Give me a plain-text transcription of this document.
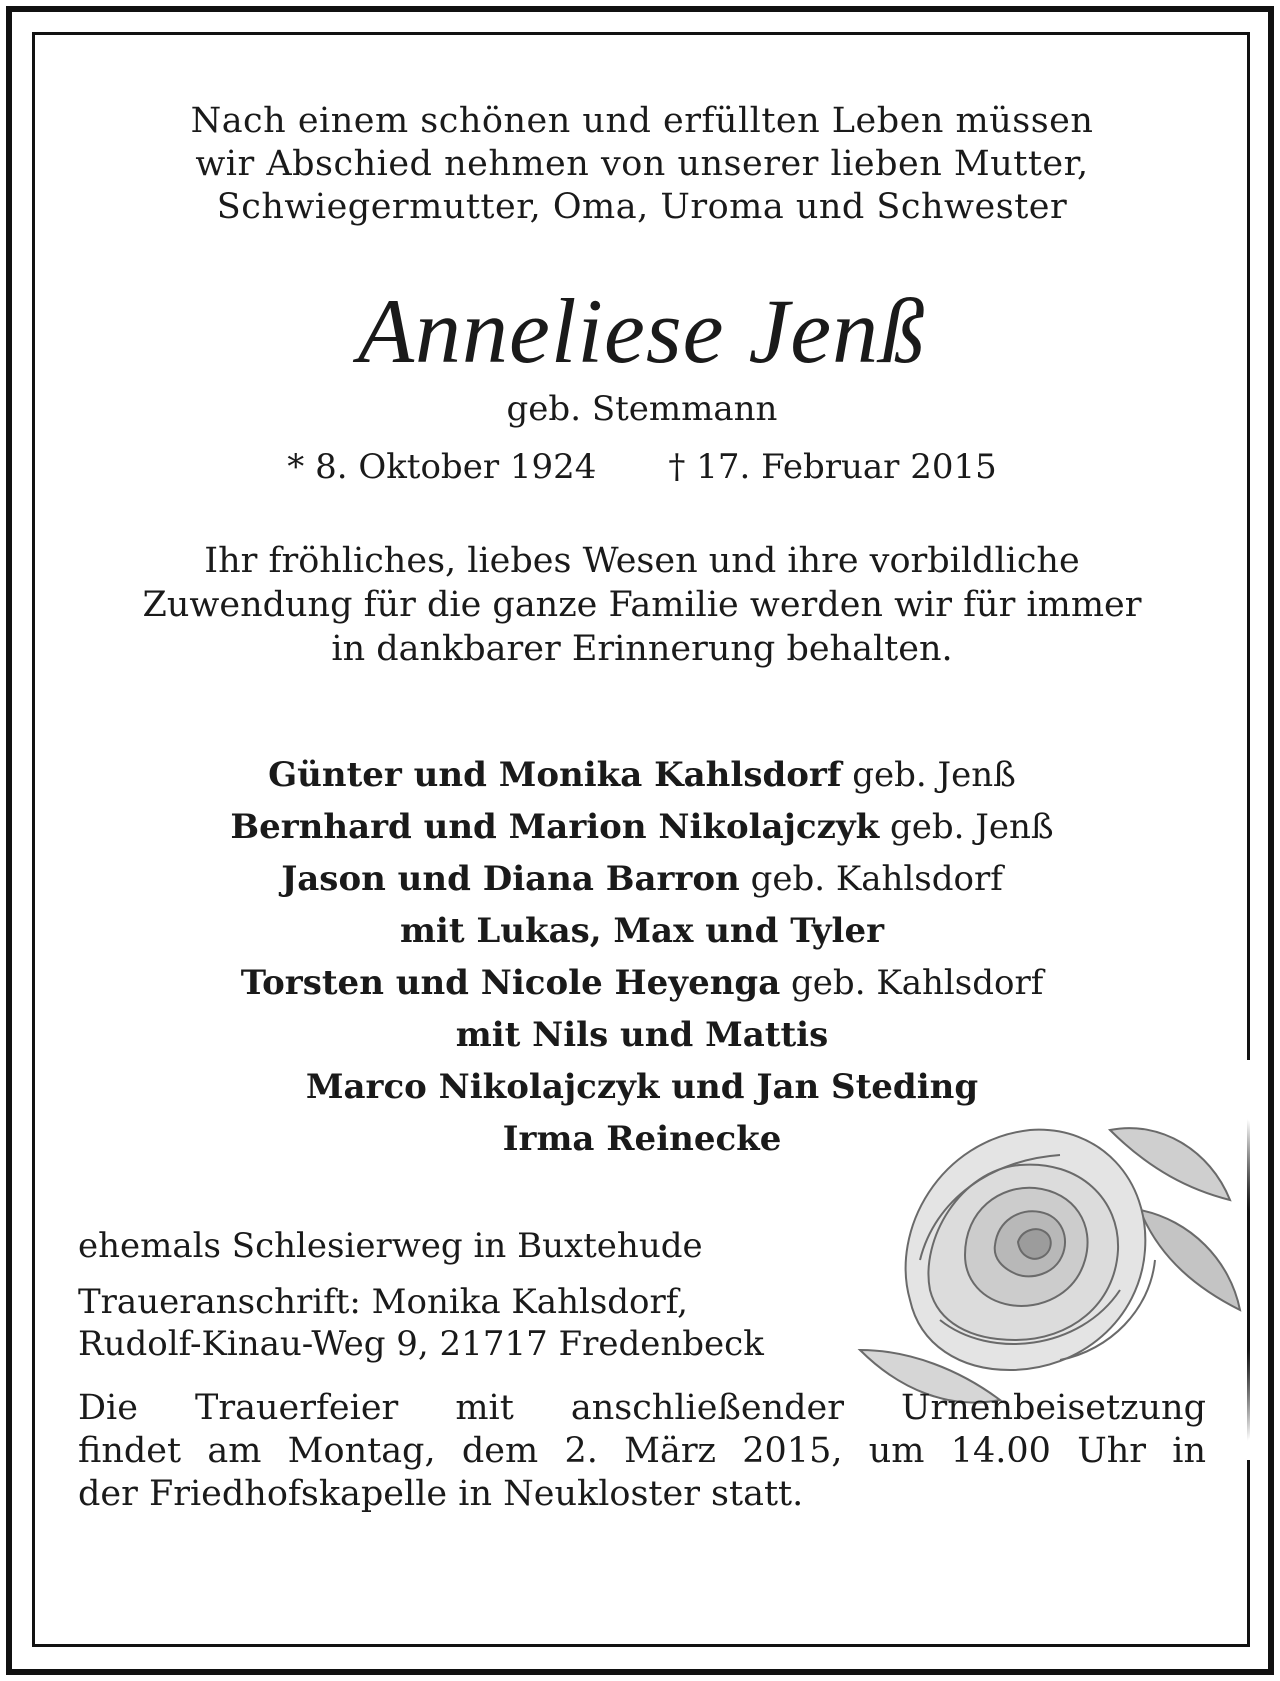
Nach einem schönen und erfüllten Leben müssen
wir Abschied nehmen von unserer lieben Mutter,
Schwiegermutter, Oma, Uroma und Schwester
Anneliese Jenß
geb. Stemmann
* 8. Oktober 1924 † 17. Februar 2015
Ihr fröhliches, liebes Wesen und ihre vorbildliche
Zuwendung für die ganze Familie werden wir für immer
in dankbarer Erinnerung behalten.
Günter und Monika Kahlsdorf geb. Jenß
Bernhard und Marion Nikolajczyk geb. Jenß
Jason und Diana Barron geb. Kahlsdorf
mit Lukas, Max und Tyler
Torsten und Nicole Heyenga geb. Kahlsdorf
mit Nils und Mattis
Marco Nikolajczyk und Jan Steding
Irma Reinecke
ehemals Schlesierweg in Buxtehude
Traueranschrift: Monika Kahlsdorf,
Rudolf-Kinau-Weg 9, 21717 Fredenbeck
Die Trauerfeier mit anschließender Urnenbeisetzung
findet am Montag, dem 2. März 2015, um 14.00 Uhr in
der Friedhofskapelle in Neukloster statt.
